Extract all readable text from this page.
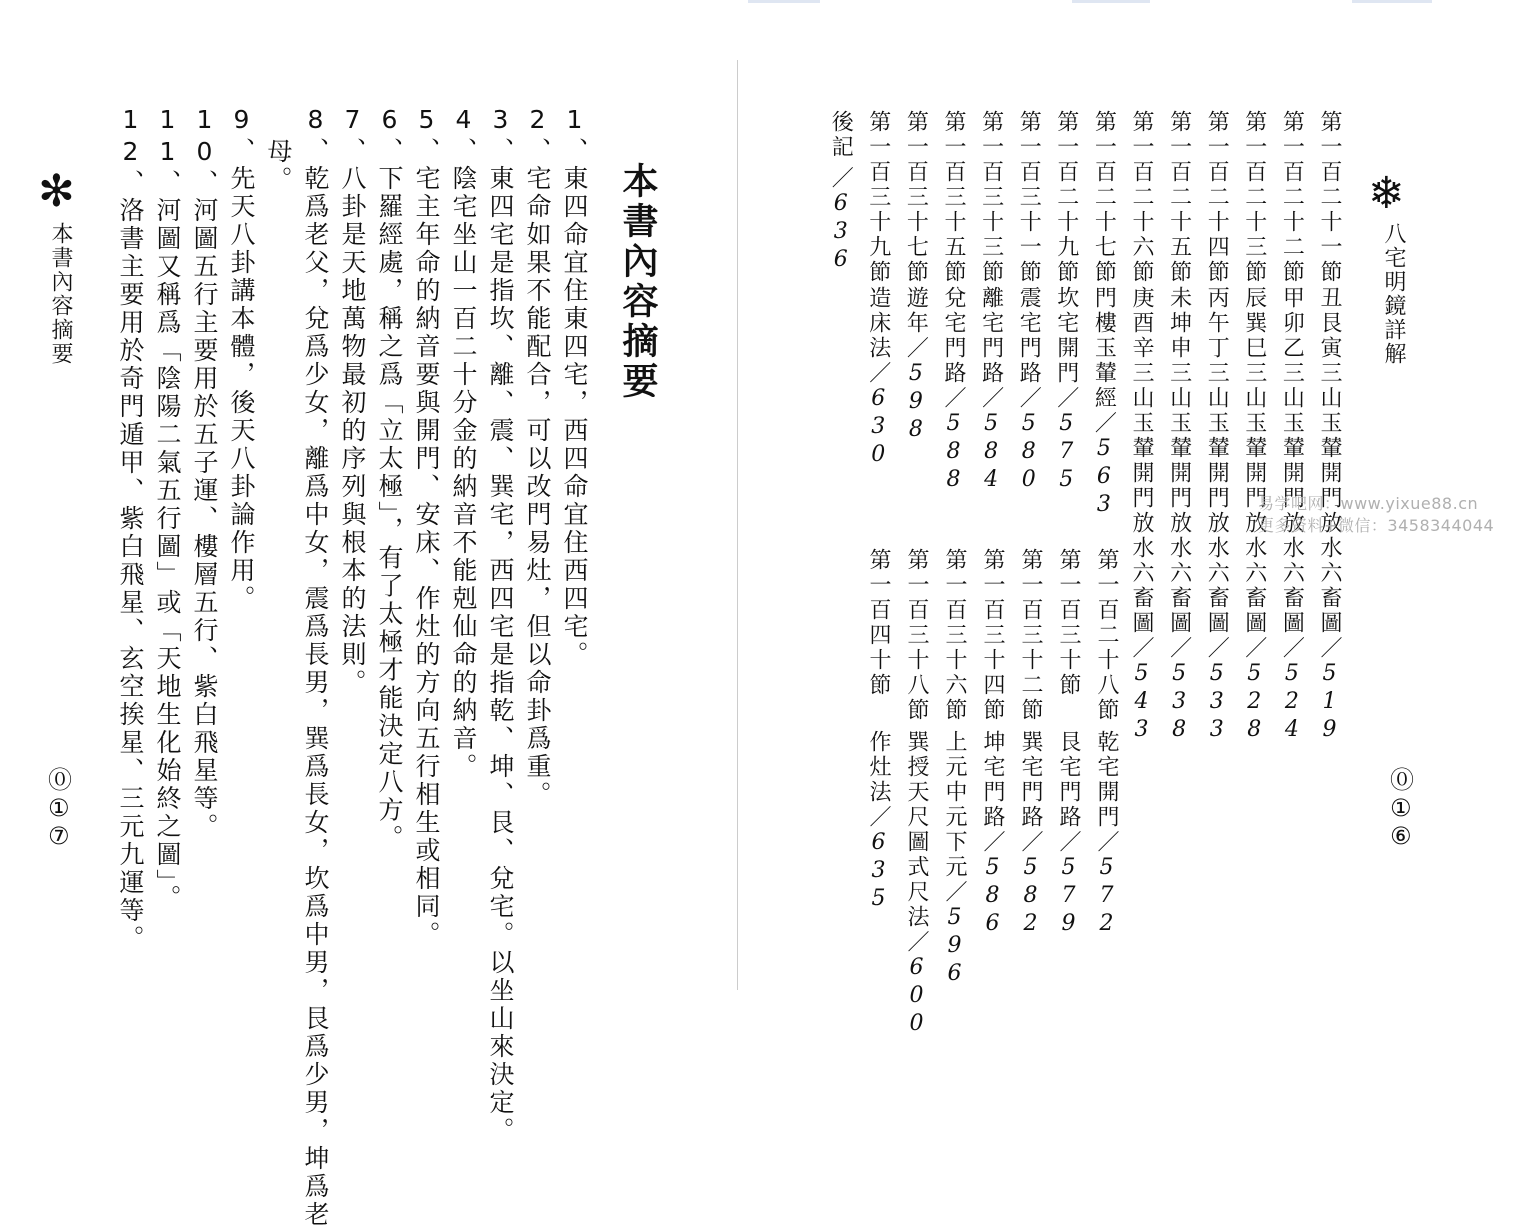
✻
本書內容摘要
⓪
①
⑦
本書內容摘要
1、東四命宜住東四宅，西四命宜住西四宅。
2、宅命如果不能配合，可以改門易灶，但以命卦爲重。
3、東四宅是指坎、離、震、巽宅，西四宅是指乾、坤、艮、兌宅。以坐山來決定。
4、陰宅坐山一百二十分金的納音不能剋仙命的納音。
5、宅主年命的納音要與開門、安床、作灶的方向五行相生或相同。
6、下羅經處，稱之爲「立太極」，有了太極才能決定八方。
7、八卦是天地萬物最初的序列與根本的法則。
8、乾爲老父，兌爲少女，離爲中女，震爲長男，巽爲長女，坎爲中男，艮爲少男，坤爲老
母。
9、先天八卦講本體，後天八卦論作用。
10、河圖五行主要用於五子運、樓層五行、紫白飛星等。
11、河圖又稱爲「陰陽二氣五行圖」或「天地生化始終之圖」。
12、洛書主要用於奇門遁甲、紫白飛星、玄空挨星、三元九運等。	❄
八宅明鏡詳解
⓪
①
⑥
第一百二十一節
丑艮寅三山玉輦開門放水六畜圖／519
第一百二十二節
甲卯乙三山玉輦開門放水六畜圖／524
第一百二十三節
辰巽巳三山玉輦開門放水六畜圖／528
第一百二十四節
丙午丁三山玉輦開門放水六畜圖／533
第一百二十五節
未坤申三山玉輦開門放水六畜圖／538
第一百二十六節
庚酉辛三山玉輦開門放水六畜圖／543
第一百二十七節
門樓玉輦經／563
第一百二十九節
坎宅開門／575
第一百三十一節
震宅門路／580
第一百三十三節
離宅門路／584
第一百三十五節
兌宅門路／588
第一百三十七節
遊年／598
第一百三十九節
造床法／630
後記
／636
第一百二十八節
乾宅開門／572
第一百三十節
艮宅門路／579
第一百三十二節
巽宅門路／582
第一百三十四節
坤宅門路／586
第一百三十六節
上元中元下元／596
第一百三十八節
巽授天尺圖式尺法／600
第一百四十節
作灶法／635
易学吧网：www.yixue88.cn
更多资料+微信：3458344044
